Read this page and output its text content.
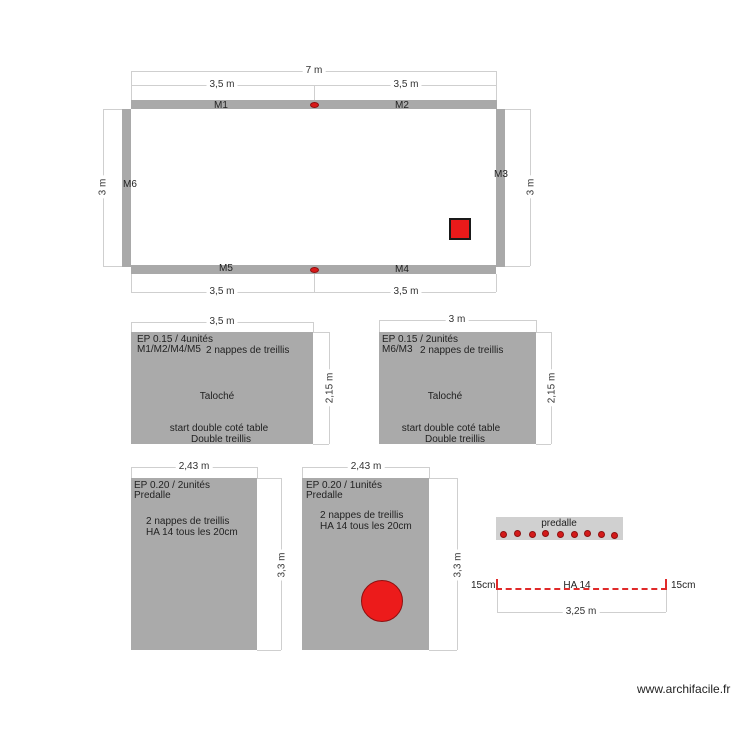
7 m
3,5 m	3,5 m
3,5 m	3,5 m
3 m	3 m
M1	M2
M3
M4
M5
M6
3,5 m
2,15 m
EP 0.15 / 4unités
M1/M2/M4/M5 2 nappes de treillis
Taloché
start double coté table
Double treillis
3 m
2,15 m
EP 0.15 / 2unités
M6/M3 2 nappes de treillis
Taloché
start double coté table
Double treillis
2,43 m
3,3 m
EP 0.20 / 2unités
Predalle
2 nappes de treillis
HA 14 tous les 20cm
2,43 m
3,3 m
EP 0.20 / 1unités
Predalle
2 nappes de treillis
HA 14 tous les 20cm	predalle
15cm	15cm
HA 14
3,25 m
www.archifacile.fr
